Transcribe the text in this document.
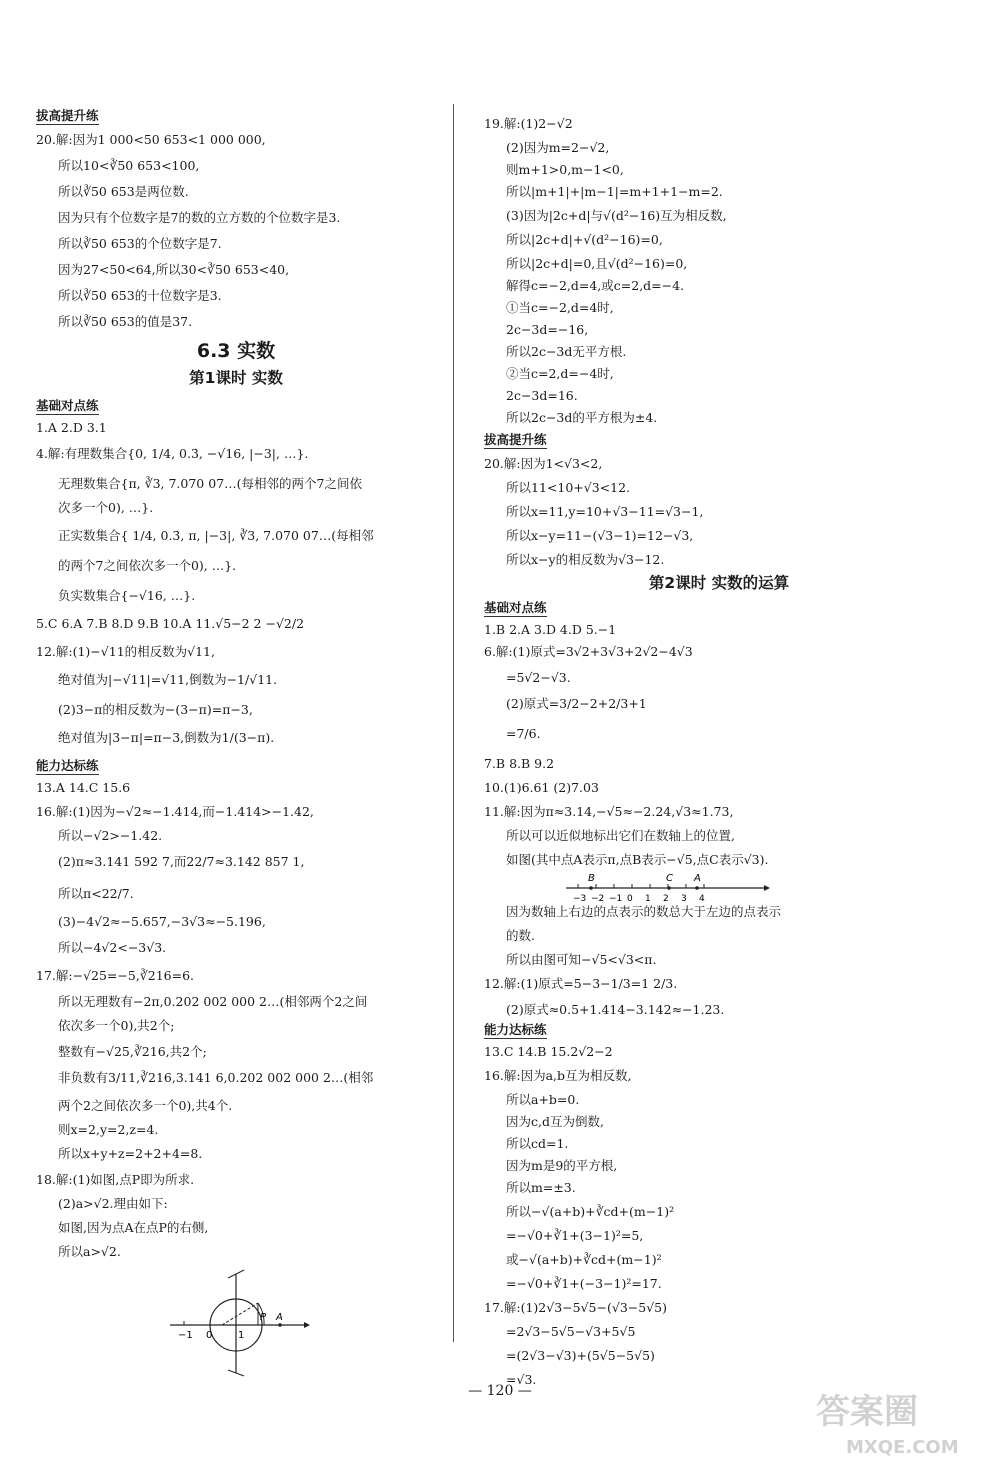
拔高提升练
20.解:因为1 000<50 653<1 000 000,
所以10<∛50 653<100,
所以∛50 653是两位数.
因为只有个位数字是7的数的立方数的个位数字是3.
所以∛50 653的个位数字是7.
因为27<50<64,所以30<∛50 653<40,
所以∛50 653的十位数字是3.
所以∛50 653的值是37.
6.3 实数
第1课时 实数
基础对点练
1.A 2.D 3.1
4.解:有理数集合{0, 1/4, 0.3̇, −√16, |−3|, …}.
无理数集合{π, ∛3, 7.070 07…(每相邻的两个7之间依
次多一个0), …}.
正实数集合{ 1/4, 0.3̇, π, |−3|, ∛3, 7.070 07…(每相邻
的两个7之间依次多一个0), …}.
负实数集合{−√16, …}.
5.C 6.A 7.B 8.D 9.B 10.A 11.√5−2 2 −√2/2
12.解:(1)−√11的相反数为√11,
绝对值为|−√11|=√11,倒数为−1/√11.
(2)3−π的相反数为−(3−π)=π−3,
绝对值为|3−π|=π−3,倒数为1/(3−π).
能力达标练
13.A 14.C 15.6
16.解:(1)因为−√2≈−1.414,而−1.414>−1.42,
所以−√2>−1.42.
(2)π≈3.141 592 7,而22/7≈3.142 857 1,
所以π<22/7.
(3)−4√2≈−5.657,−3√3≈−5.196,
所以−4√2<−3√3.
17.解:−√25=−5,∛216=6.
所以无理数有−2π,0.202 002 000 2…(相邻两个2之间
依次多一个0),共2个;
整数有−√25,∛216,共2个;
非负数有3/11,∛216,3.141 6,0.202 002 000 2…(相邻
两个2之间依次多一个0),共4个.
则x=2,y=2,z=4.
所以x+y+z=2+2+4=8.
18.解:(1)如图,点P即为所求.
(2)a>√2.理由如下:
如图,因为点A在点P的右侧,
所以a>√2.
−1 0	1
P A
19.解:(1)2−√2
(2)因为m=2−√2,
则m+1>0,m−1<0,
所以|m+1|+|m−1|=m+1+1−m=2.
(3)因为|2c+d|与√(d²−16)互为相反数,
所以|2c+d|+√(d²−16)=0,
所以|2c+d|=0,且√(d²−16)=0,
解得c=−2,d=4,或c=2,d=−4.
①当c=−2,d=4时,
2c−3d=−16,
所以2c−3d无平方根.
②当c=2,d=−4时,
2c−3d=16.
所以2c−3d的平方根为±4.
拔高提升练
20.解:因为1<√3<2,
所以11<10+√3<12.
所以x=11,y=10+√3−11=√3−1,
所以x−y=11−(√3−1)=12−√3,
所以x−y的相反数为√3−12.
第2课时 实数的运算
基础对点练
1.B 2.A 3.D 4.D 5.−1
6.解:(1)原式=3√2+3√3+2√2−4√3
=5√2−√3.
(2)原式=3/2−2+2/3+1
=7/6.
7.B 8.B 9.2
10.(1)6.61 (2)7.03
11.解:因为π≈3.14,−√5≈−2.24,√3≈1.73,
所以可以近似地标出它们在数轴上的位置,
如图(其中点A表示π,点B表示−√5,点C表示√3).
−3 −2 −1 0 1 2 3 4
B	C A
因为数轴上右边的点表示的数总大于左边的点表示
的数.
所以由图可知−√5<√3<π.
12.解:(1)原式=5−3−1/3=1 2/3.
(2)原式≈0.5+1.414−3.142≈−1.23.
能力达标练
13.C 14.B 15.2√2−2
16.解:因为a,b互为相反数,
所以a+b=0.
因为c,d互为倒数,
所以cd=1.
因为m是9的平方根,
所以m=±3.
所以−√(a+b)+∛cd+(m−1)²
=−√0+∛1+(3−1)²=5,
或−√(a+b)+∛cd+(m−1)²
=−√0+∛1+(−3−1)²=17.
17.解:(1)2√3−5√5−(√3−5√5)
=2√3−5√5−√3+5√5
=(2√3−√3)+(5√5−5√5)
=√3.
— 120 —
答案圈
MXQE.COM
